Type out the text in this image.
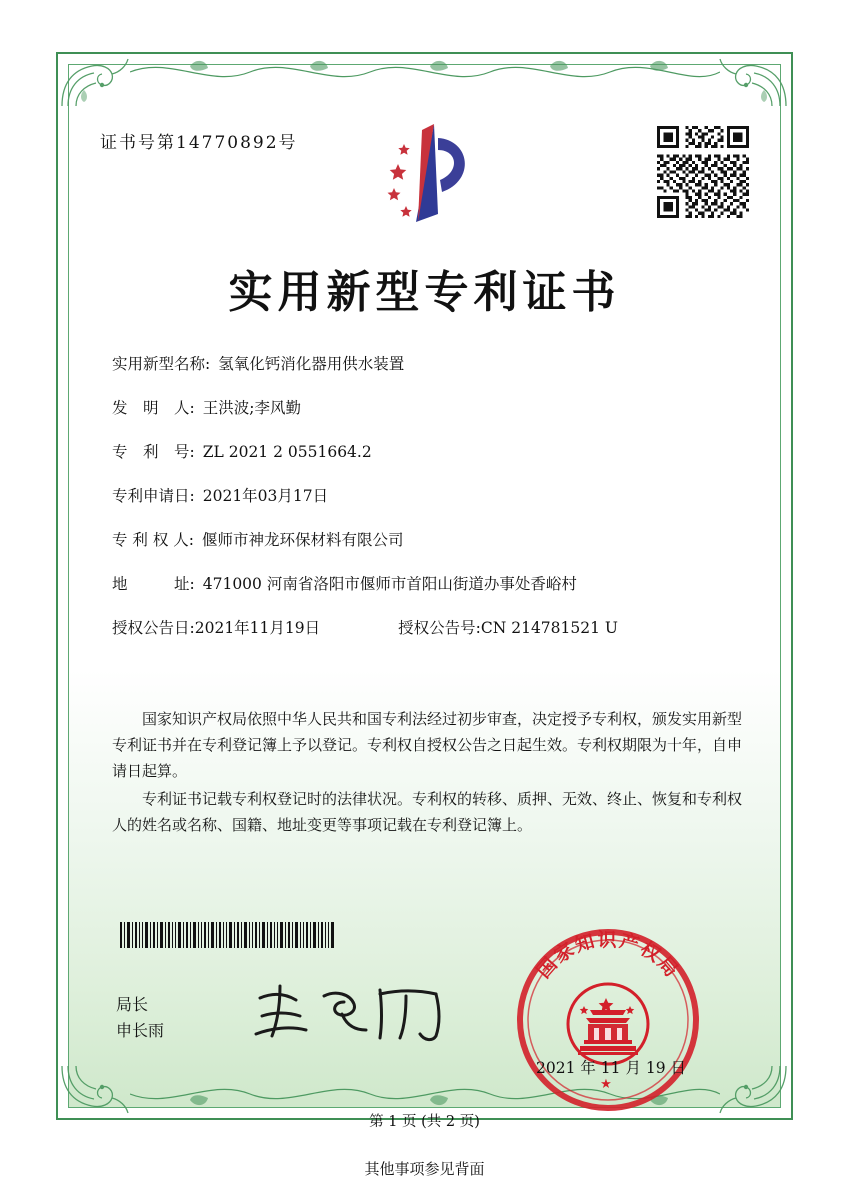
证书号第14770892号
实用新型专利证书
实用新型名称: 氢氧化钙消化器用供水装置
发　明　人: 王洪波;李风勤
专　利　号: ZL 2021 2 0551664.2
专利申请日: 2021年03月17日
专 利 权 人: 偃师市神龙环保材料有限公司
地　　　址: 471000 河南省洛阳市偃师市首阳山街道办事处香峪村
授权公告日: 2021年11月19日	授权公告号: CN 214781521 U

国家知识产权局依照中华人民共和国专利法经过初步审查，决定授予专利权，颁发实用新型专利证书并在专利登记簿上予以登记。专利权自授权公告之日起生效。专利权期限为十年，自申请日起算。

专利证书记载专利权登记时的法律状况。专利权的转移、质押、无效、终止、恢复和专利权人的姓名或名称、国籍、地址变更等事项记载在专利登记簿上。

局长
申长雨
国家知识产权局
★
2021 年 11 月 19 日
第 1 页 (共 2 页)
其他事项参见背面
